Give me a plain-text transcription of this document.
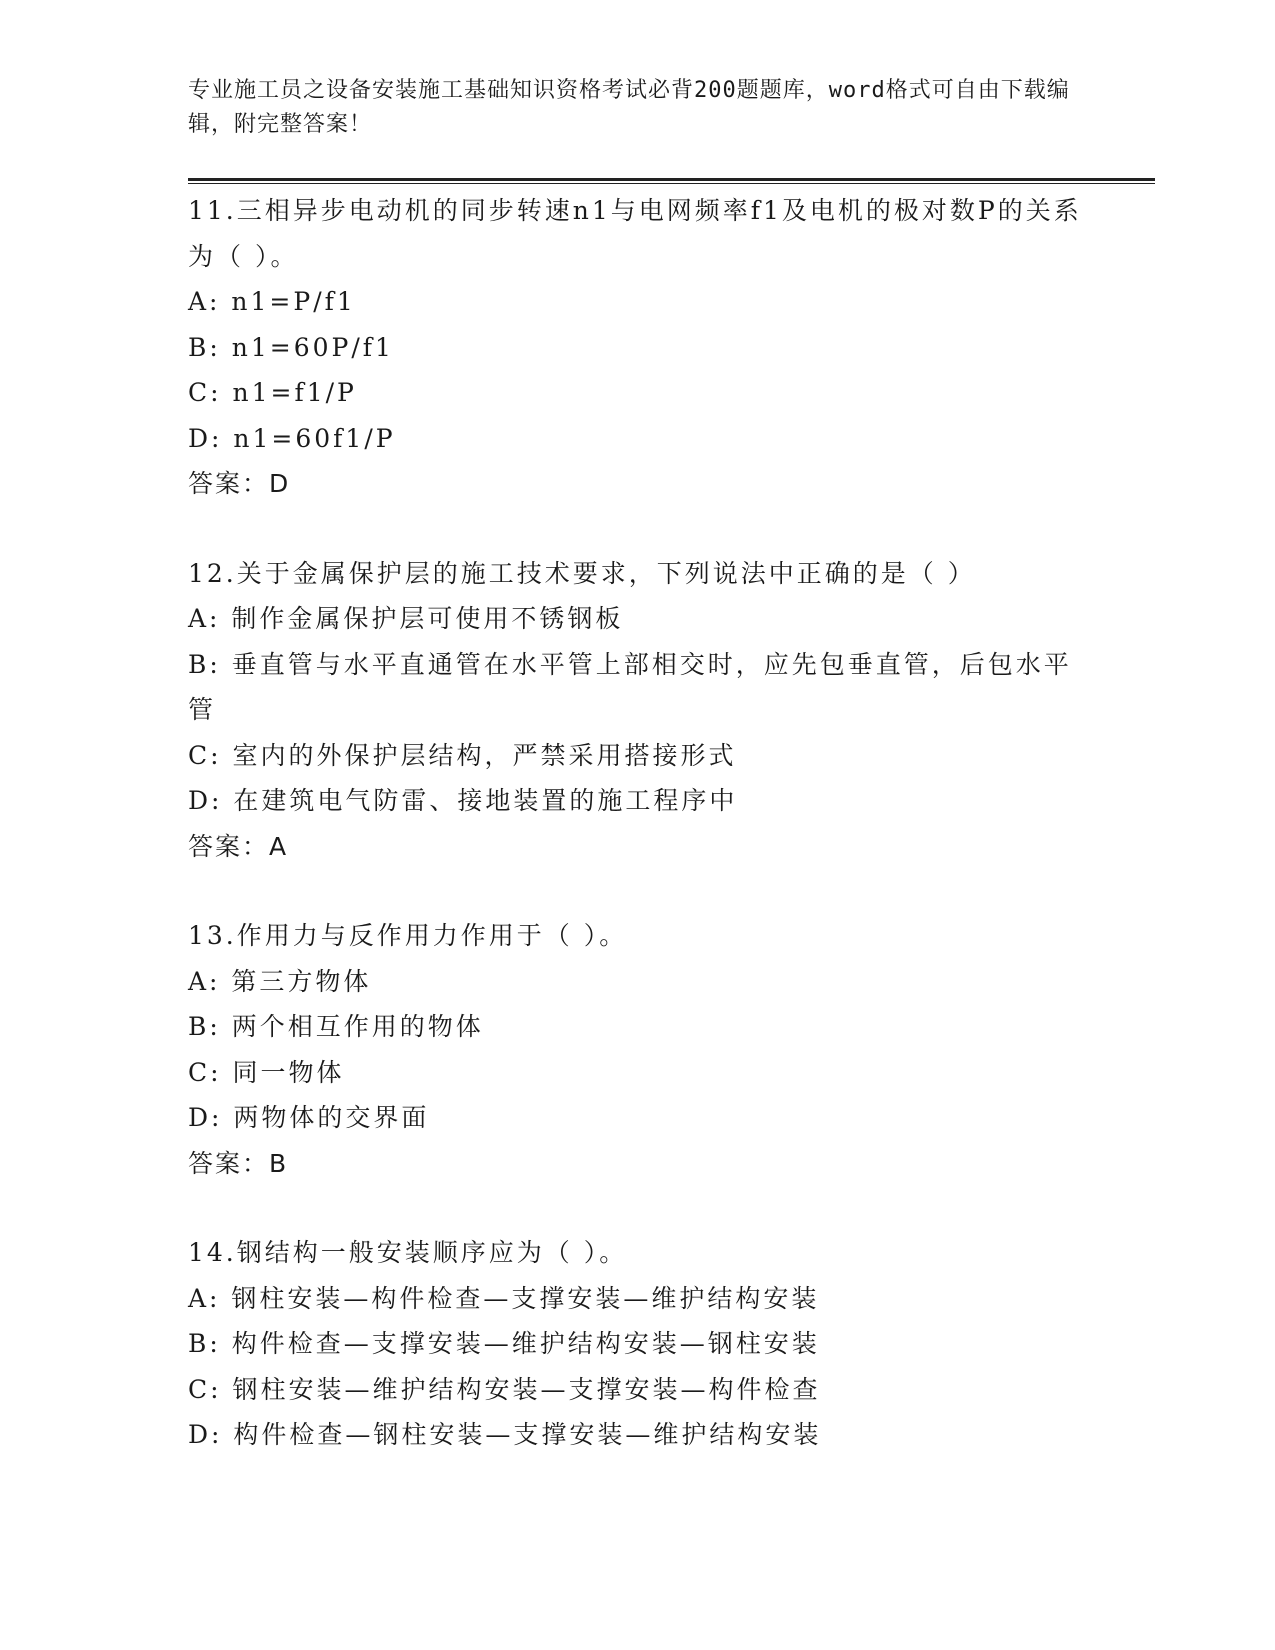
专业施工员之设备安装施工基础知识资格考试必背200题题库，word格式可自由下载编辑，附完整答案！

11.三相异步电动机的同步转速n1与电网频率f1及电机的极对数P的关系为（ ）。

A: n1=P/f1

B: n1=60P/f1

C: n1=f1/P

D: n1=60f1/P

答案：D

12.关于金属保护层的施工技术要求，下列说法中正确的是（ ）

A: 制作金属保护层可使用不锈钢板

B: 垂直管与水平直通管在水平管上部相交时，应先包垂直管，后包水平管

C: 室内的外保护层结构，严禁采用搭接形式

D: 在建筑电气防雷、接地装置的施工程序中

答案：A

13.作用力与反作用力作用于（ ）。

A: 第三方物体

B: 两个相互作用的物体

C: 同一物体

D: 两物体的交界面

答案：B

14.钢结构一般安装顺序应为（ ）。

A: 钢柱安装—构件检查—支撑安装—维护结构安装

B: 构件检查—支撑安装—维护结构安装—钢柱安装

C: 钢柱安装—维护结构安装—支撑安装—构件检查

D: 构件检查—钢柱安装—支撑安装—维护结构安装
